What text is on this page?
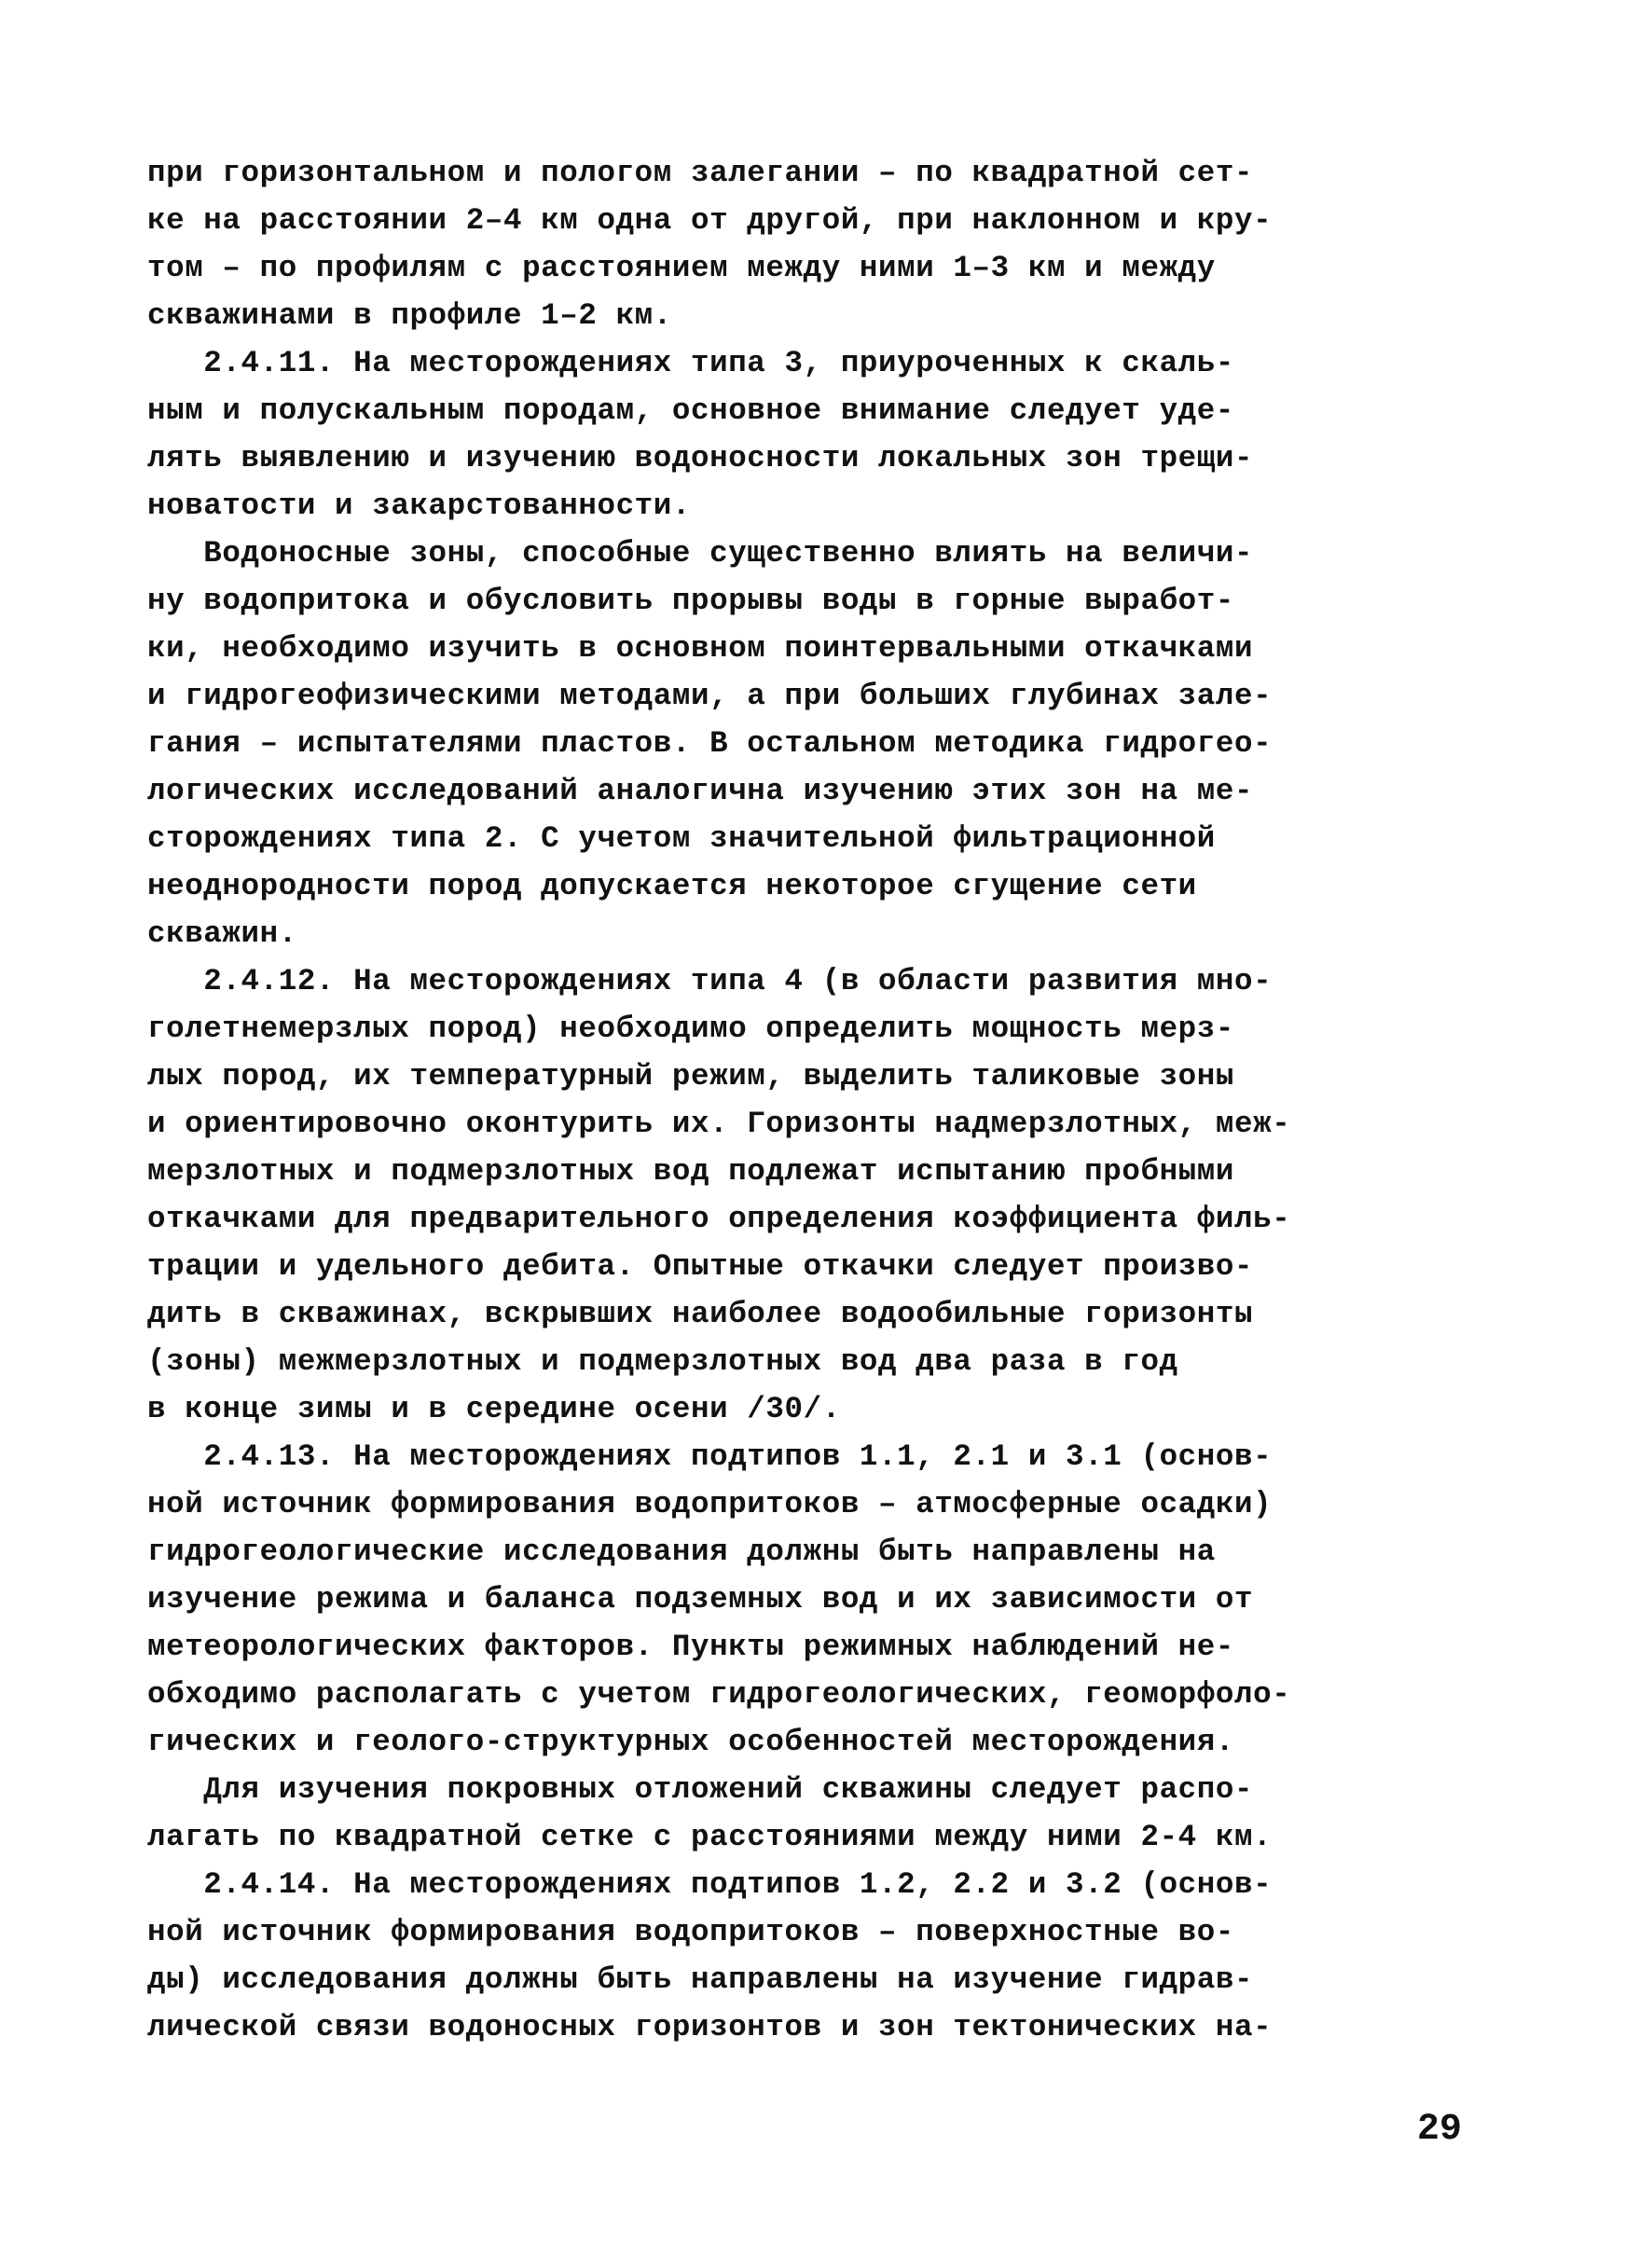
при горизонтальном и пологом залегании – по квадратной сет-
ке на расстоянии 2–4 км одна от другой, при наклонном и кру-
том – по профилям с расстоянием между ними 1–3 км и между
скважинами в профиле 1–2 км.
2.4.11. На месторождениях типа 3, приуроченных к скаль-
ным и полускальным породам, основное внимание следует уде-
лять выявлению и изучению водоносности локальных зон трещи-
новатости и закарстованности.
Водоносные зоны, способные существенно влиять на величи-
ну водопритока и обусловить прорывы воды в горные выработ-
ки, необходимо изучить в основном поинтервальными откачками
и гидрогеофизическими методами, а при больших глубинах зале-
гания – испытателями пластов. В остальном методика гидрогео-
логических исследований аналогична изучению этих зон на ме-
сторождениях типа 2. С учетом значительной фильтрационной
неоднородности пород допускается некоторое сгущение сети
скважин.
2.4.12. На месторождениях типа 4 (в области развития мно-
голетнемерзлых пород) необходимо определить мощность мерз-
лых пород, их температурный режим, выделить таликовые зоны
и ориентировочно оконтурить их. Горизонты надмерзлотных, меж-
мерзлотных и подмерзлотных вод подлежат испытанию пробными
откачками для предварительного определения коэффициента филь-
трации и удельного дебита. Опытные откачки следует произво-
дить в скважинах, вскрывших наиболее водообильные горизонты
(зоны) межмерзлотных и подмерзлотных вод два раза в год
в конце зимы и в середине осени /30/.
2.4.13. На месторождениях подтипов 1.1, 2.1 и 3.1 (основ-
ной источник формирования водопритоков – атмосферные осадки)
гидрогеологические исследования должны быть направлены на
изучение режима и баланса подземных вод и их зависимости от
метеорологических факторов. Пункты режимных наблюдений не-
обходимо располагать с учетом гидрогеологических, геоморфоло-
гических и геолого-структурных особенностей месторождения.
Для изучения покровных отложений скважины следует распо-
лагать по квадратной сетке с расстояниями между ними 2-4 км.
2.4.14. На месторождениях подтипов 1.2, 2.2 и 3.2 (основ-
ной источник формирования водопритоков – поверхностные во-
ды) исследования должны быть направлены на изучение гидрав-
лической связи водоносных горизонтов и зон тектонических на-
29
